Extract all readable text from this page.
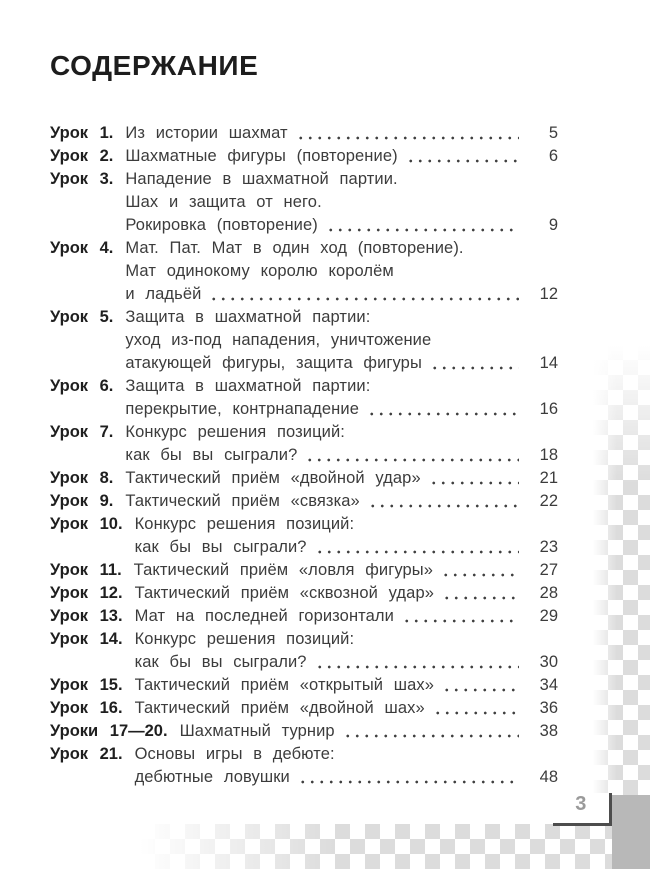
СОДЕРЖАНИЕ
Урок 1. Из истории шахмат	5
Урок 2. Шахматные фигуры (повторение)	6
Урок 3. Нападение в шахматной партии.
Шах и защита от него.
Рокировка (повторение)	9
Урок 4. Мат. Пат. Мат в один ход (повторение).
Мат одинокому королю королём
и ладьёй	12
Урок 5. Защита в шахматной партии:
уход из-под нападения, уничтожение
атакующей фигуры, защита фигуры	14
Урок 6. Защита в шахматной партии:
перекрытие, контрнападение	16
Урок 7. Конкурс решения позиций:
как бы вы сыграли?	18
Урок 8. Тактический приём «двойной удар»	21
Урок 9. Тактический приём «связка»	22
Урок 10. Конкурс решения позиций:
как бы вы сыграли?	23
Урок 11. Тактический приём «ловля фигуры»	27
Урок 12. Тактический приём «сквозной удар»	28
Урок 13. Мат на последней горизонтали	29
Урок 14. Конкурс решения позиций:
как бы вы сыграли?	30
Урок 15. Тактический приём «открытый шах»	34
Урок 16. Тактический приём «двойной шах»	36
Уроки 17—20. Шахматный турнир	38
Урок 21. Основы игры в дебюте:
дебютные ловушки	48
3
